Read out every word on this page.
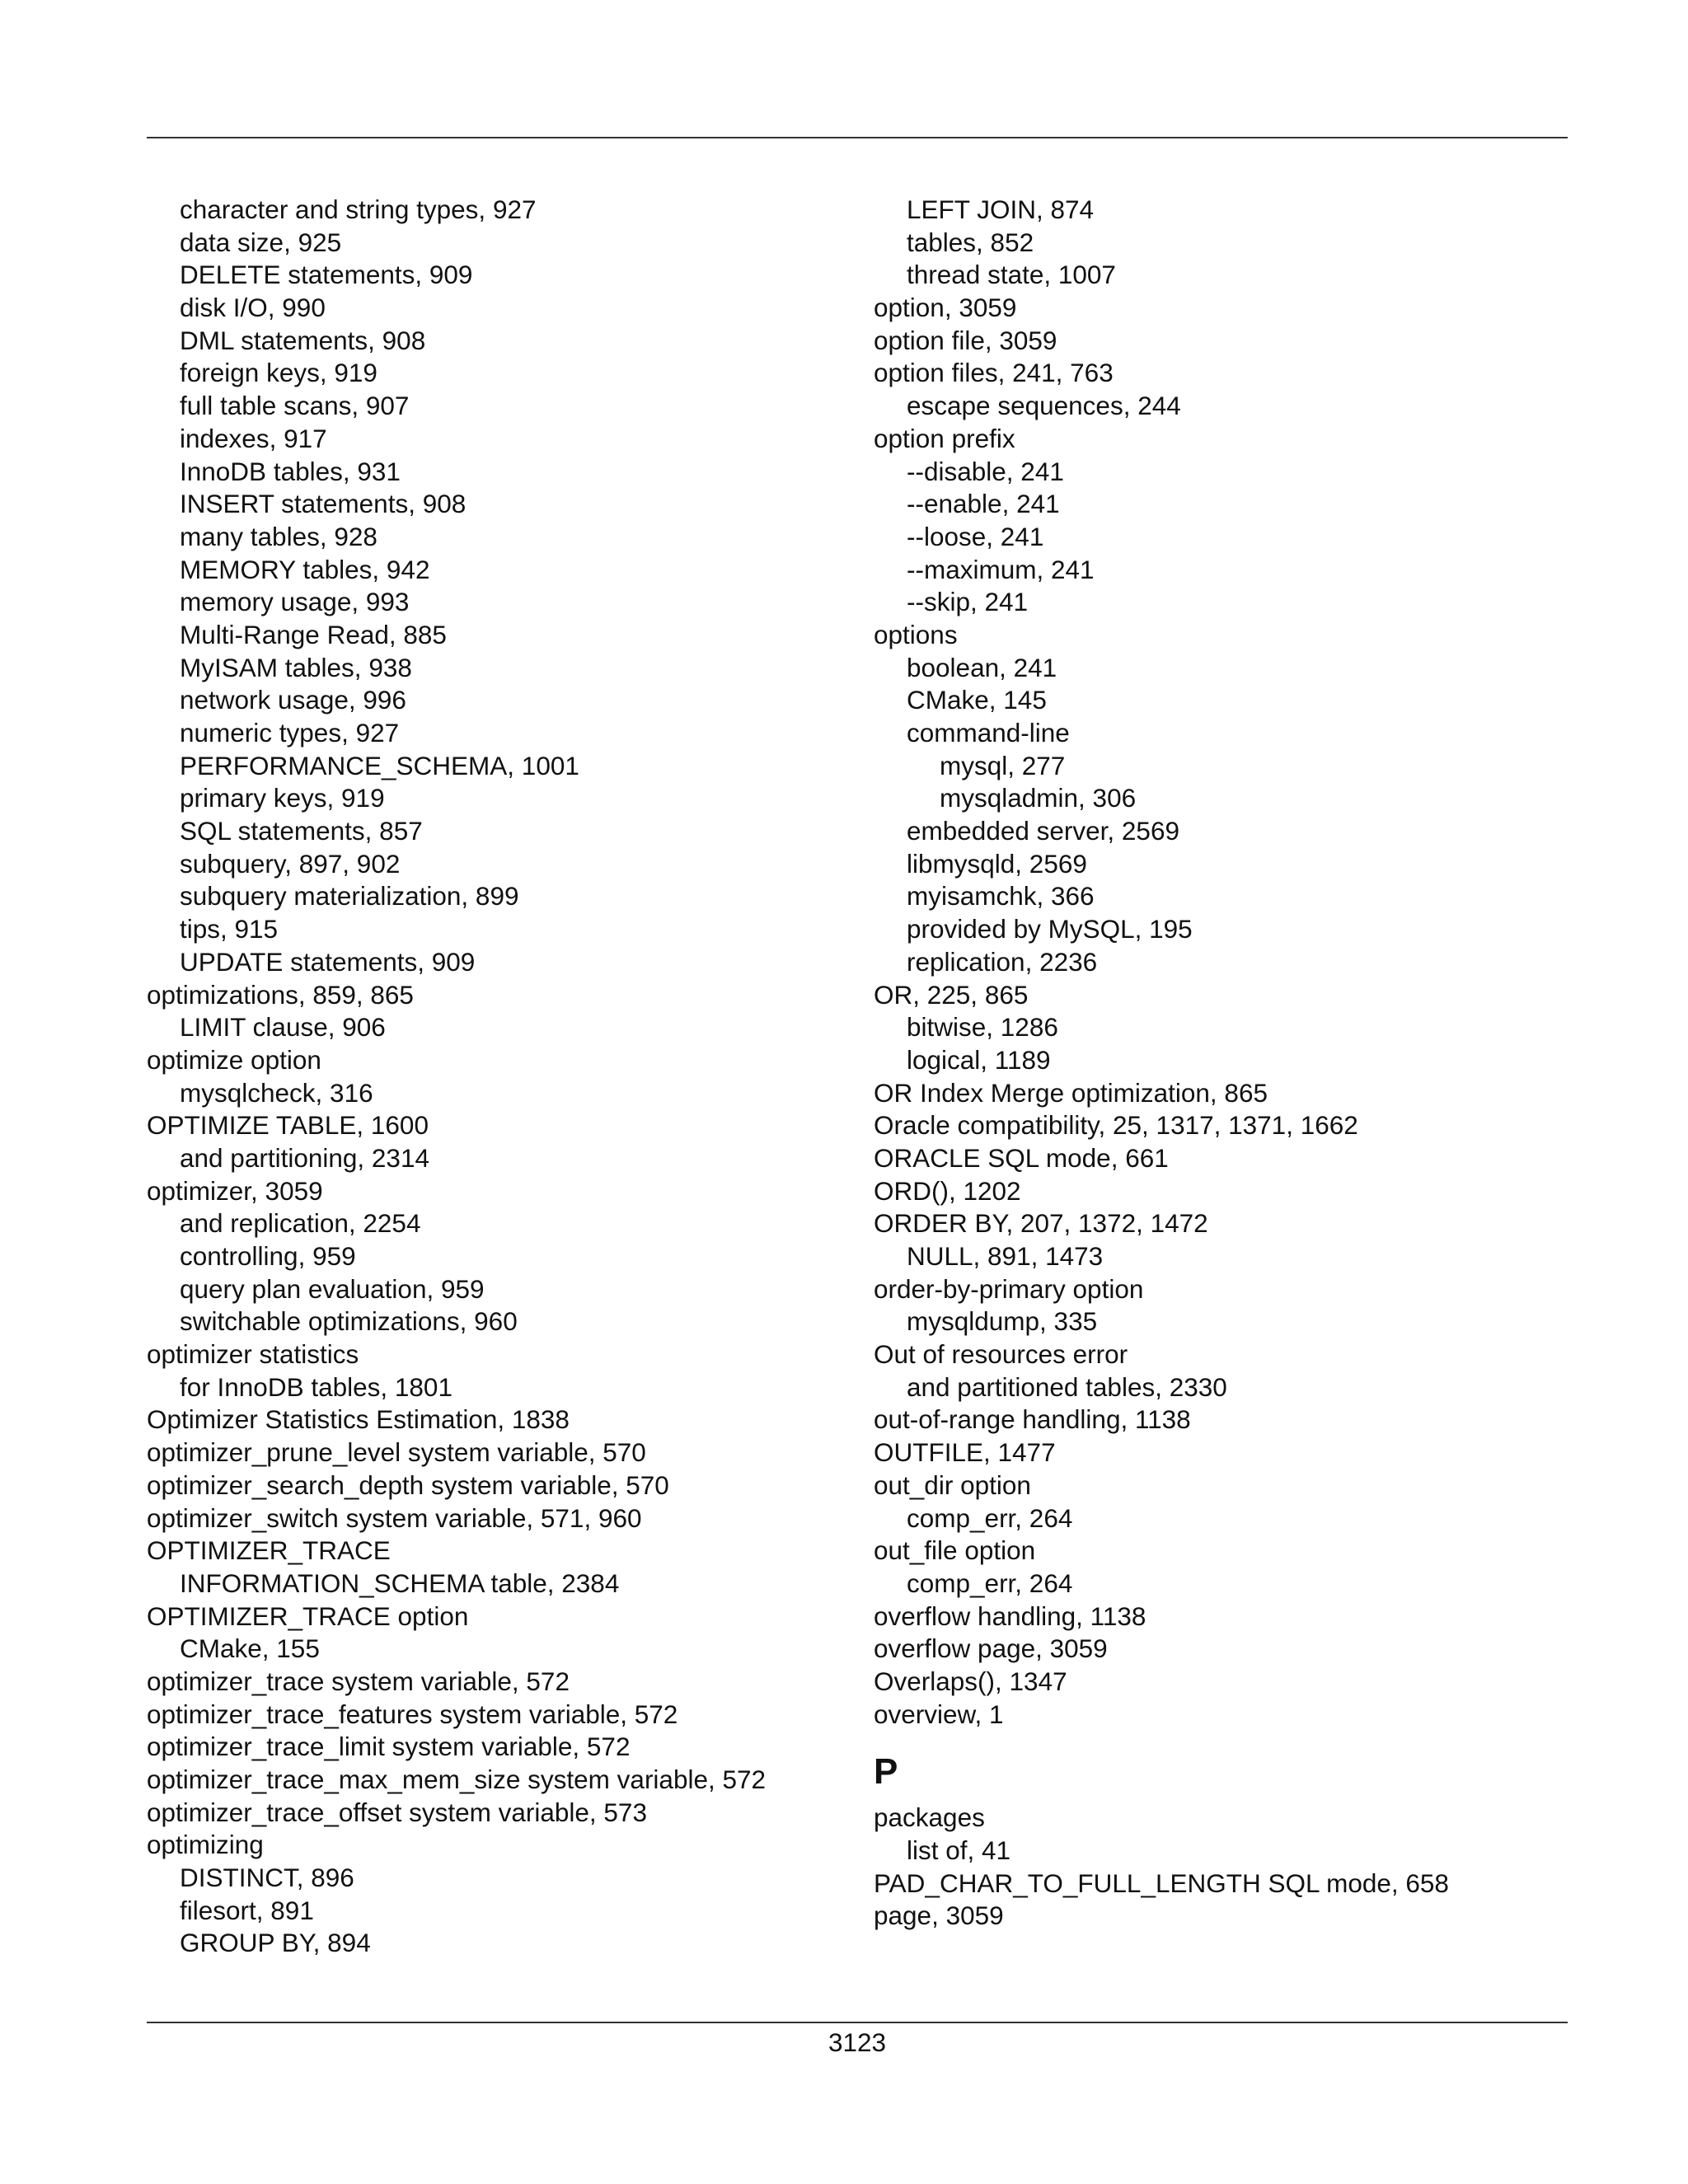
character and string types, 927
data size, 925
DELETE statements, 909
disk I/O, 990
DML statements, 908
foreign keys, 919
full table scans, 907
indexes, 917
InnoDB tables, 931
INSERT statements, 908
many tables, 928
MEMORY tables, 942
memory usage, 993
Multi-Range Read, 885
MyISAM tables, 938
network usage, 996
numeric types, 927
PERFORMANCE_SCHEMA, 1001
primary keys, 919
SQL statements, 857
subquery, 897, 902
subquery materialization, 899
tips, 915
UPDATE statements, 909
optimizations, 859, 865
LIMIT clause, 906
optimize option
mysqlcheck, 316
OPTIMIZE TABLE, 1600
and partitioning, 2314
optimizer, 3059
and replication, 2254
controlling, 959
query plan evaluation, 959
switchable optimizations, 960
optimizer statistics
for InnoDB tables, 1801
Optimizer Statistics Estimation, 1838
optimizer_prune_level system variable, 570
optimizer_search_depth system variable, 570
optimizer_switch system variable, 571, 960
OPTIMIZER_TRACE
INFORMATION_SCHEMA table, 2384
OPTIMIZER_TRACE option
CMake, 155
optimizer_trace system variable, 572
optimizer_trace_features system variable, 572
optimizer_trace_limit system variable, 572
optimizer_trace_max_mem_size system variable, 572
optimizer_trace_offset system variable, 573
optimizing
DISTINCT, 896
filesort, 891
GROUP BY, 894
LEFT JOIN, 874
tables, 852
thread state, 1007
option, 3059
option file, 3059
option files, 241, 763
escape sequences, 244
option prefix
--disable, 241
--enable, 241
--loose, 241
--maximum, 241
--skip, 241
options
boolean, 241
CMake, 145
command-line
mysql, 277
mysqladmin, 306
embedded server, 2569
libmysqld, 2569
myisamchk, 366
provided by MySQL, 195
replication, 2236
OR, 225, 865
bitwise, 1286
logical, 1189
OR Index Merge optimization, 865
Oracle compatibility, 25, 1317, 1371, 1662
ORACLE SQL mode, 661
ORD(), 1202
ORDER BY, 207, 1372, 1472
NULL, 891, 1473
order-by-primary option
mysqldump, 335
Out of resources error
and partitioned tables, 2330
out-of-range handling, 1138
OUTFILE, 1477
out_dir option
comp_err, 264
out_file option
comp_err, 264
overflow handling, 1138
overflow page, 3059
Overlaps(), 1347
overview, 1
P
packages
list of, 41
PAD_CHAR_TO_FULL_LENGTH SQL mode, 658
page, 3059
3123
